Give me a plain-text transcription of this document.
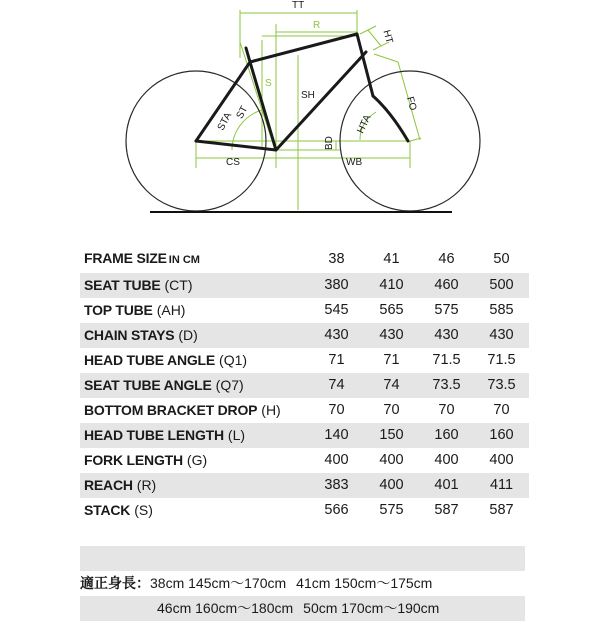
TT
R
S
SH
HT
FO
STA ST
HTA
BD
CS	WB
FRAME SIZE IN CM	38	41	46	50
SEAT TUBE (CT)	380	410	460	500
TOP TUBE (AH)	545	565	575	585
CHAIN STAYS (D)	430	430	430	430
HEAD TUBE ANGLE (Q1)	71	71	71.5	71.5
SEAT TUBE ANGLE (Q7)	74	74	73.5	73.5
BOTTOM BRACKET DROP (H)	70	70	70	70
HEAD TUBE LENGTH (L)	140	150	160	160
FORK LENGTH (G)	400	400	400	400
REACH (R)	383	400	401	411
STACK (S)	566	575	587	587
適正身長：38cm 145cm〜170cm 41cm 150cm〜175cm
46cm 160cm〜180cm 50cm 170cm〜190cm
